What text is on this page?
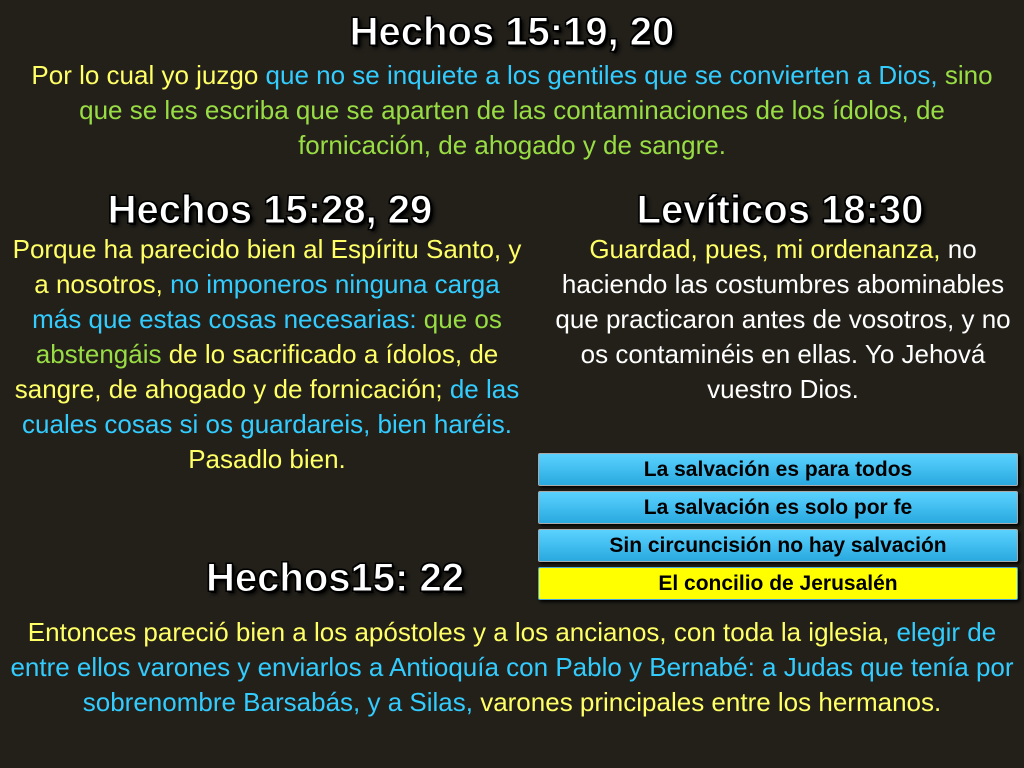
Hechos 15:19, 20
Por lo cual yo juzgo que no se inquiete a los gentiles que se convierten a Dios, sino que se les escriba que se aparten de las contaminaciones de los ídolos, de fornicación, de ahogado y de sangre.
Hechos 15:28, 29	Levíticos 18:30
Porque ha parecido bien al Espíritu Santo, y a nosotros, no imponeros ninguna carga más que estas cosas necesarias: que os abstengáis de lo sacrificado a ídolos, de sangre, de ahogado y de fornicación; de las cuales cosas si os guardareis, bien haréis. Pasadlo bien.
Guardad, pues, mi ordenanza, no haciendo las costumbres abominables que practicaron antes de vosotros, y no os contaminéis en ellas. Yo Jehová vuestro Dios.
La salvación es para todos
La salvación es solo por fe
Sin circuncisión no hay salvación
El concilio de Jerusalén
Hechos15: 22
Entonces pareció bien a los apóstoles y a los ancianos, con toda la iglesia, elegir de entre ellos varones y enviarlos a Antioquía con Pablo y Bernabé: a Judas que tenía por sobrenombre Barsabás, y a Silas, varones principales entre los hermanos.
